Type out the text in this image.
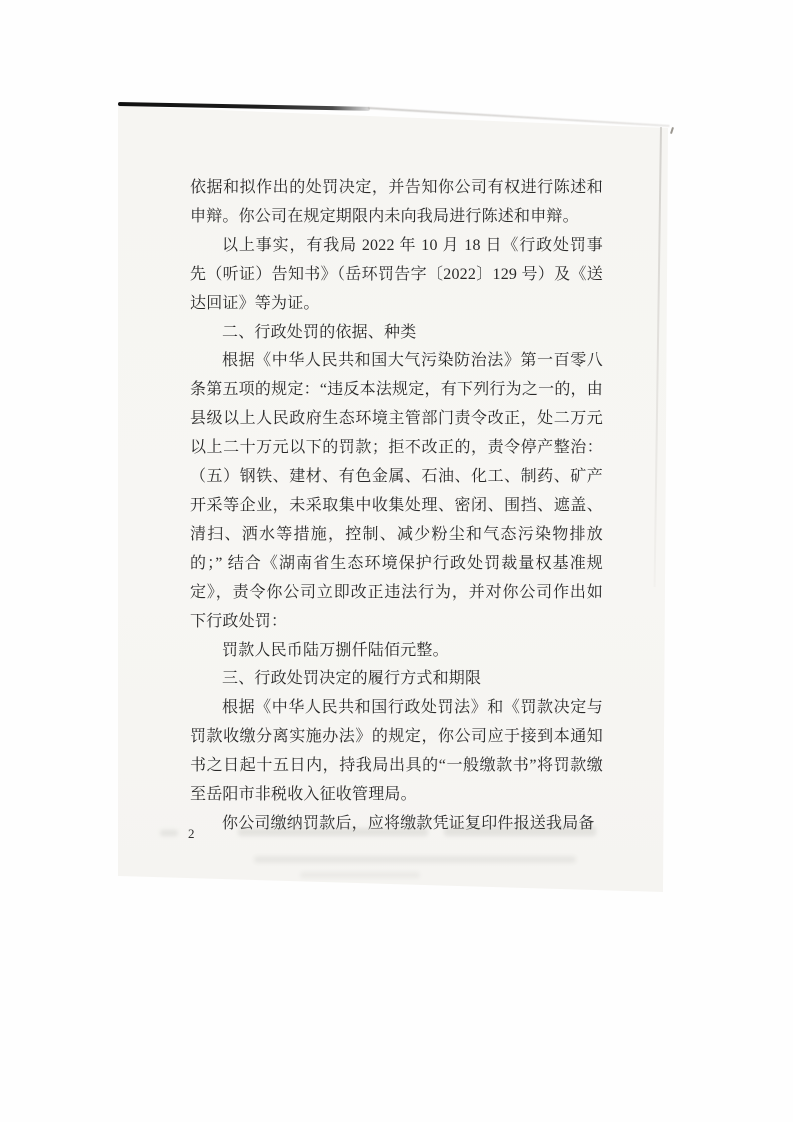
依据和拟作出的处罚决定，并告知你公司有权进行陈述和申辩。你公司在规定期限内未向我局进行陈述和申辩。

以上事实，有我局 2022 年 10 月 18 日《行政处罚事先（听证）告知书》（岳环罚告字〔2022〕129 号）及《送达回证》等为证。

二、行政处罚的依据、种类

根据《中华人民共和国大气污染防治法》第一百零八条第五项的规定：“违反本法规定，有下列行为之一的，由县级以上人民政府生态环境主管部门责令改正，处二万元以上二十万元以下的罚款；拒不改正的，责令停产整治：（五）钢铁、建材、有色金属、石油、化工、制药、矿产开采等企业，未采取集中收集处理、密闭、围挡、遮盖、清扫、洒水等措施，控制、减少粉尘和气态污染物排放的；” 结合《湖南省生态环境保护行政处罚裁量权基准规定》，责令你公司立即改正违法行为，并对你公司作出如下行政处罚：

罚款人民币陆万捌仟陆佰元整。

三、行政处罚决定的履行方式和期限

根据《中华人民共和国行政处罚法》和《罚款决定与罚款收缴分离实施办法》的规定，你公司应于接到本通知书之日起十五日内，持我局出具的“一般缴款书”将罚款缴至岳阳市非税收入征收管理局。

你公司缴纳罚款后，应将缴款凭证复印件报送我局备

2
